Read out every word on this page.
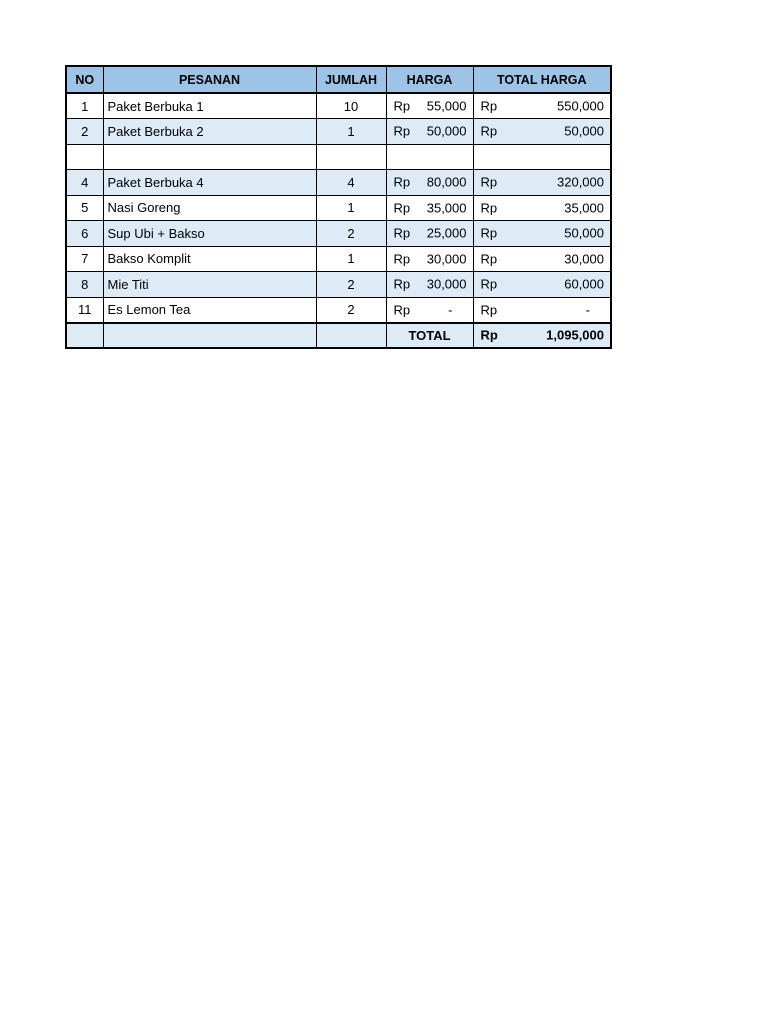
NO	PESANAN	JUMLAH	HARGA	TOTAL HARGA
1	Paket Berbuka 1	10	Rp 55,000	Rp 550,000

2	Paket Berbuka 2	1	Rp 50,000	Rp 50,000

4	Paket Berbuka 4	4	Rp 80,000	Rp 320,000

5	Nasi Goreng	1	Rp 35,000	Rp 35,000

6	Sup Ubi + Bakso	2	Rp 25,000	Rp 50,000

7	Bakso Komplit	1	Rp 30,000	Rp 30,000

8	Mie Titi	2	Rp 30,000	Rp 60,000

11	Es Lemon Tea	2	Rp -	Rp -

			TOTAL	Rp 1,095,000
